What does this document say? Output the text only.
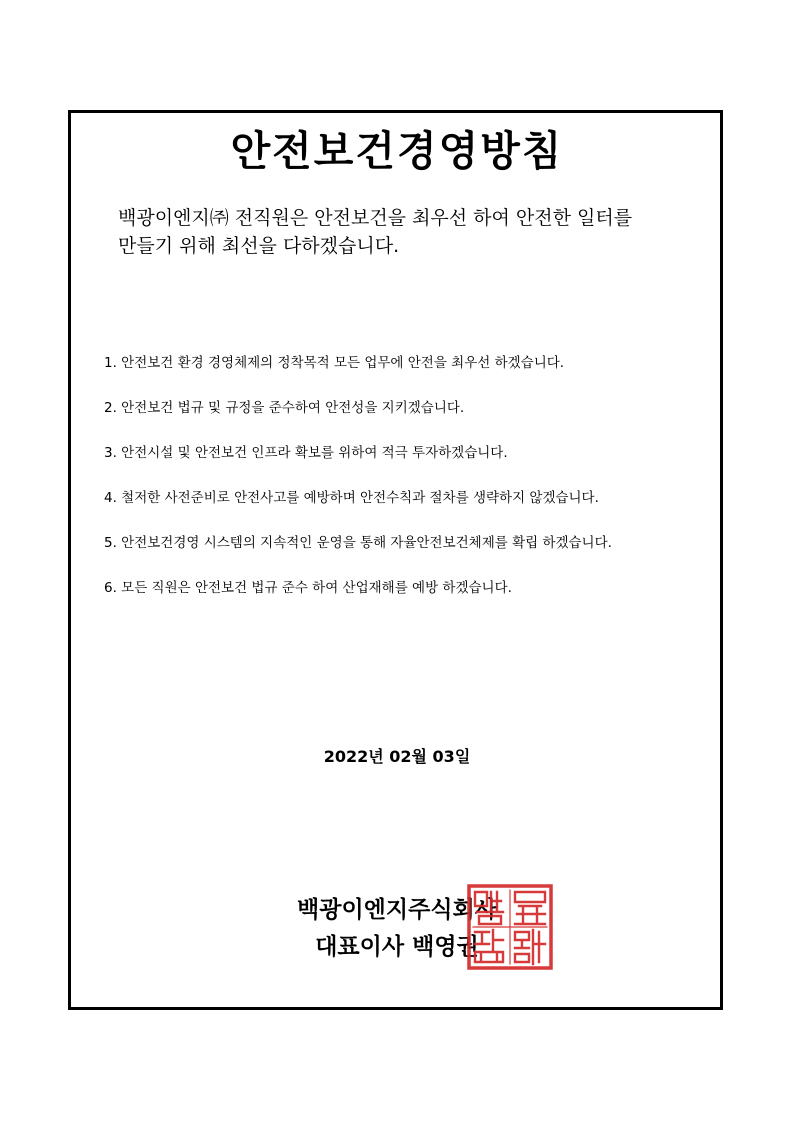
안전보건경영방침

백광이엔지㈜ 전직원은 안전보건을 최우선 하여 안전한 일터를

만들기 위해 최선을 다하겠습니다.

1. 안전보건 환경 경영체제의 정착목적 모든 업무에 안전을 최우선 하겠습니다.
2. 안전보건 법규 및 규정을 준수하여 안전성을 지키겠습니다.
3. 안전시설 및 안전보건 인프라 확보를 위하여 적극 투자하겠습니다.
4. 철저한 사전준비로 안전사고를 예방하며 안전수칙과 절차를 생략하지 않겠습니다.
5. 안전보건경영 시스템의 지속적인 운영을 통해 자율안전보건체제를 확립 하겠습니다.
6. 모든 직원은 안전보건 법규 준수 하여 산업재해를 예방 하겠습니다.
2022년 02월 03일
백광이엔지주식회사
대표이사 백영권
